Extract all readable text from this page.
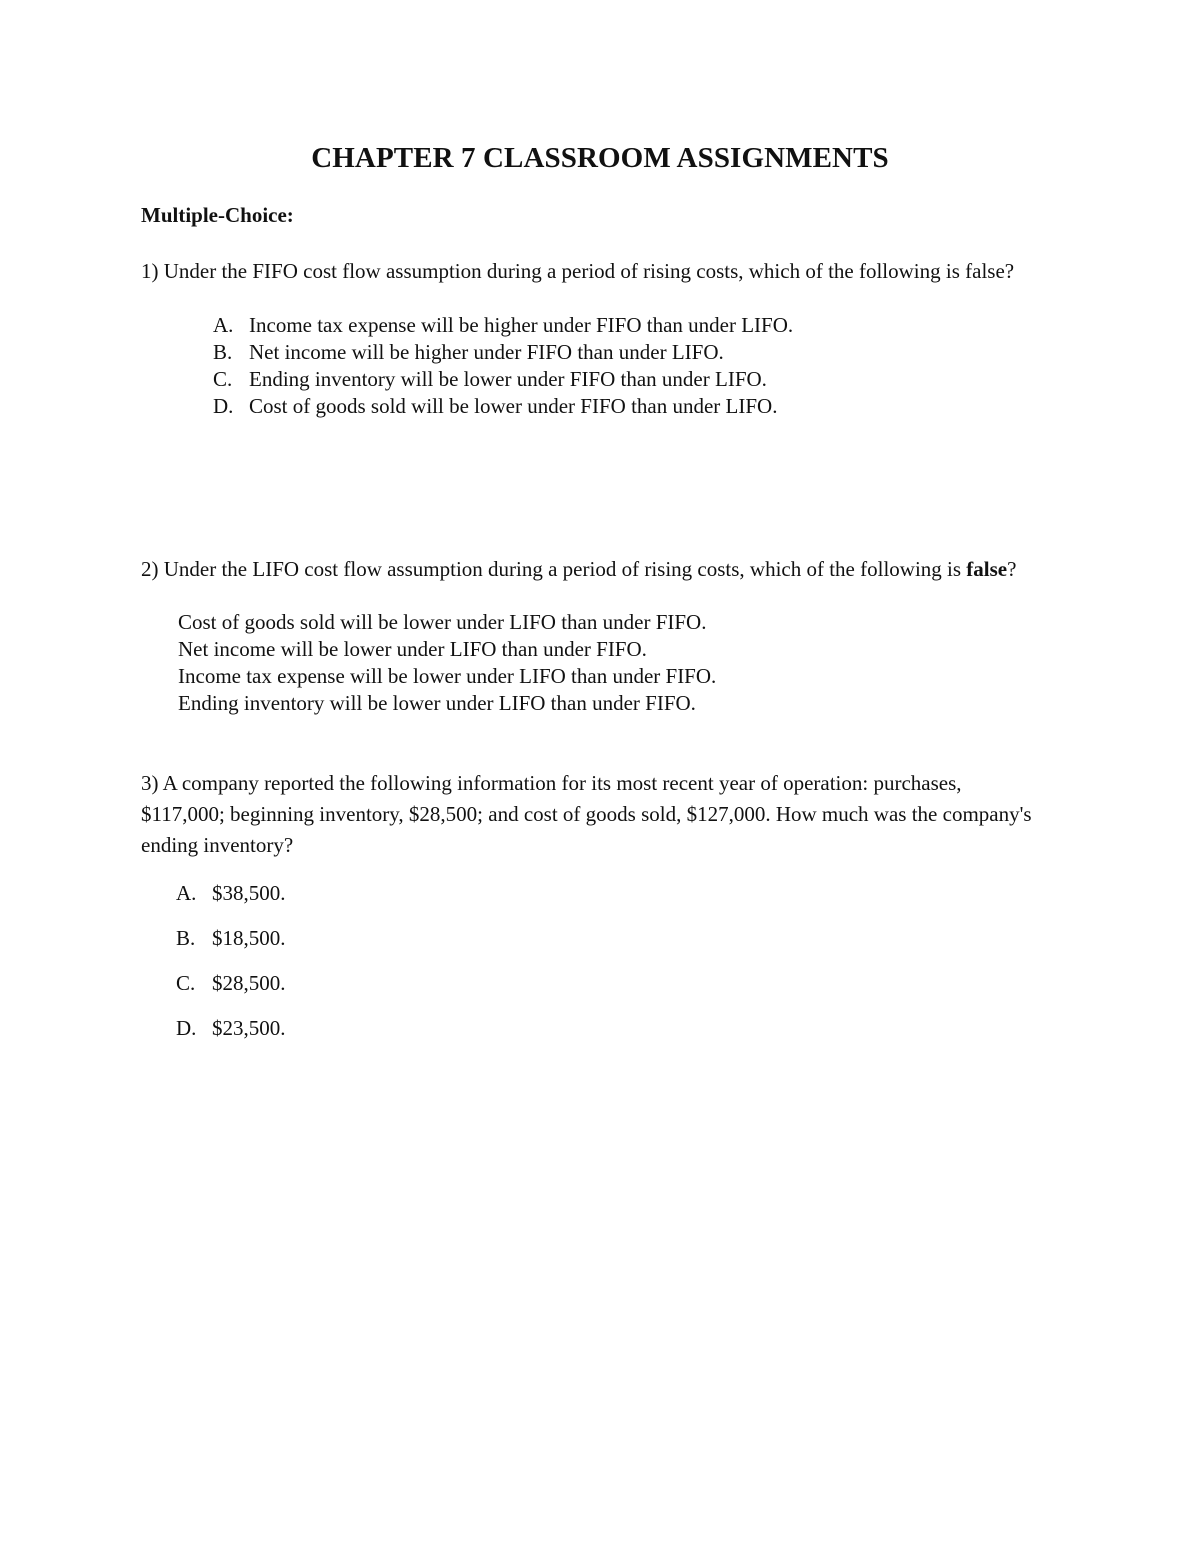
CHAPTER 7 CLASSROOM ASSIGNMENTS
Multiple-Choice:
1) Under the FIFO cost flow assumption during a period of rising costs, which of the following is false?
A. Income tax expense will be higher under FIFO than under LIFO.
B. Net income will be higher under FIFO than under LIFO.
C. Ending inventory will be lower under FIFO than under LIFO.
D. Cost of goods sold will be lower under FIFO than under LIFO.
2) Under the LIFO cost flow assumption during a period of rising costs, which of the following is false?
Cost of goods sold will be lower under LIFO than under FIFO.
Net income will be lower under LIFO than under FIFO.
Income tax expense will be lower under LIFO than under FIFO.
Ending inventory will be lower under LIFO than under FIFO.
3) A company reported the following information for its most recent year of operation: purchases, $117,000; beginning inventory, $28,500; and cost of goods sold, $127,000. How much was the company's ending inventory?
A. $38,500.
B. $18,500.
C. $28,500.
D. $23,500.
